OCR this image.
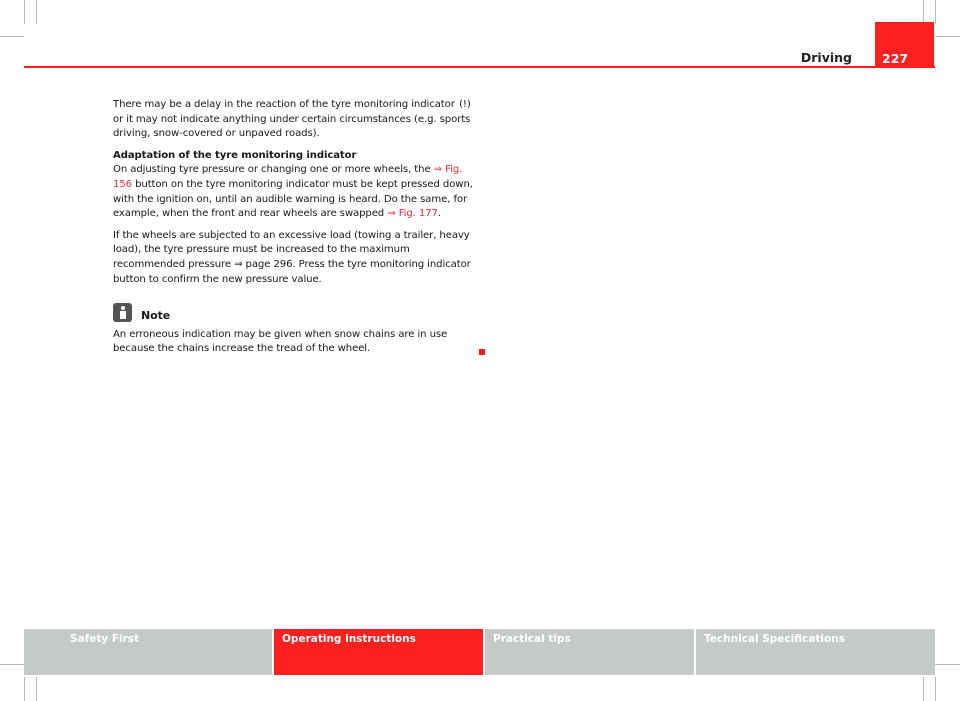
227
Driving

There may be a delay in the reaction of the tyre monitoring indicator (!) or it may not indicate anything under certain circumstances (e.g. sports driving, snow-covered or unpaved roads).

Adaptation of the tyre monitoring indicator

On adjusting tyre pressure or changing one or more wheels, the ⇒ Fig. 156 button on the tyre monitoring indicator must be kept pressed down, with the ignition on, until an audible warning is heard. Do the same, for example, when the front and rear wheels are swapped ⇒ Fig. 177.

If the wheels are subjected to an excessive load (towing a trailer, heavy load), the tyre pressure must be increased to the maximum recommended pressure ⇒ page 296. Press the tyre monitoring indicator button to confirm the new pressure value.

Note

An erroneous indication may be given when snow chains are in use because the chains increase the tread of the wheel.

Safety First	Operating instructions	Practical tips	Technical Specifications
